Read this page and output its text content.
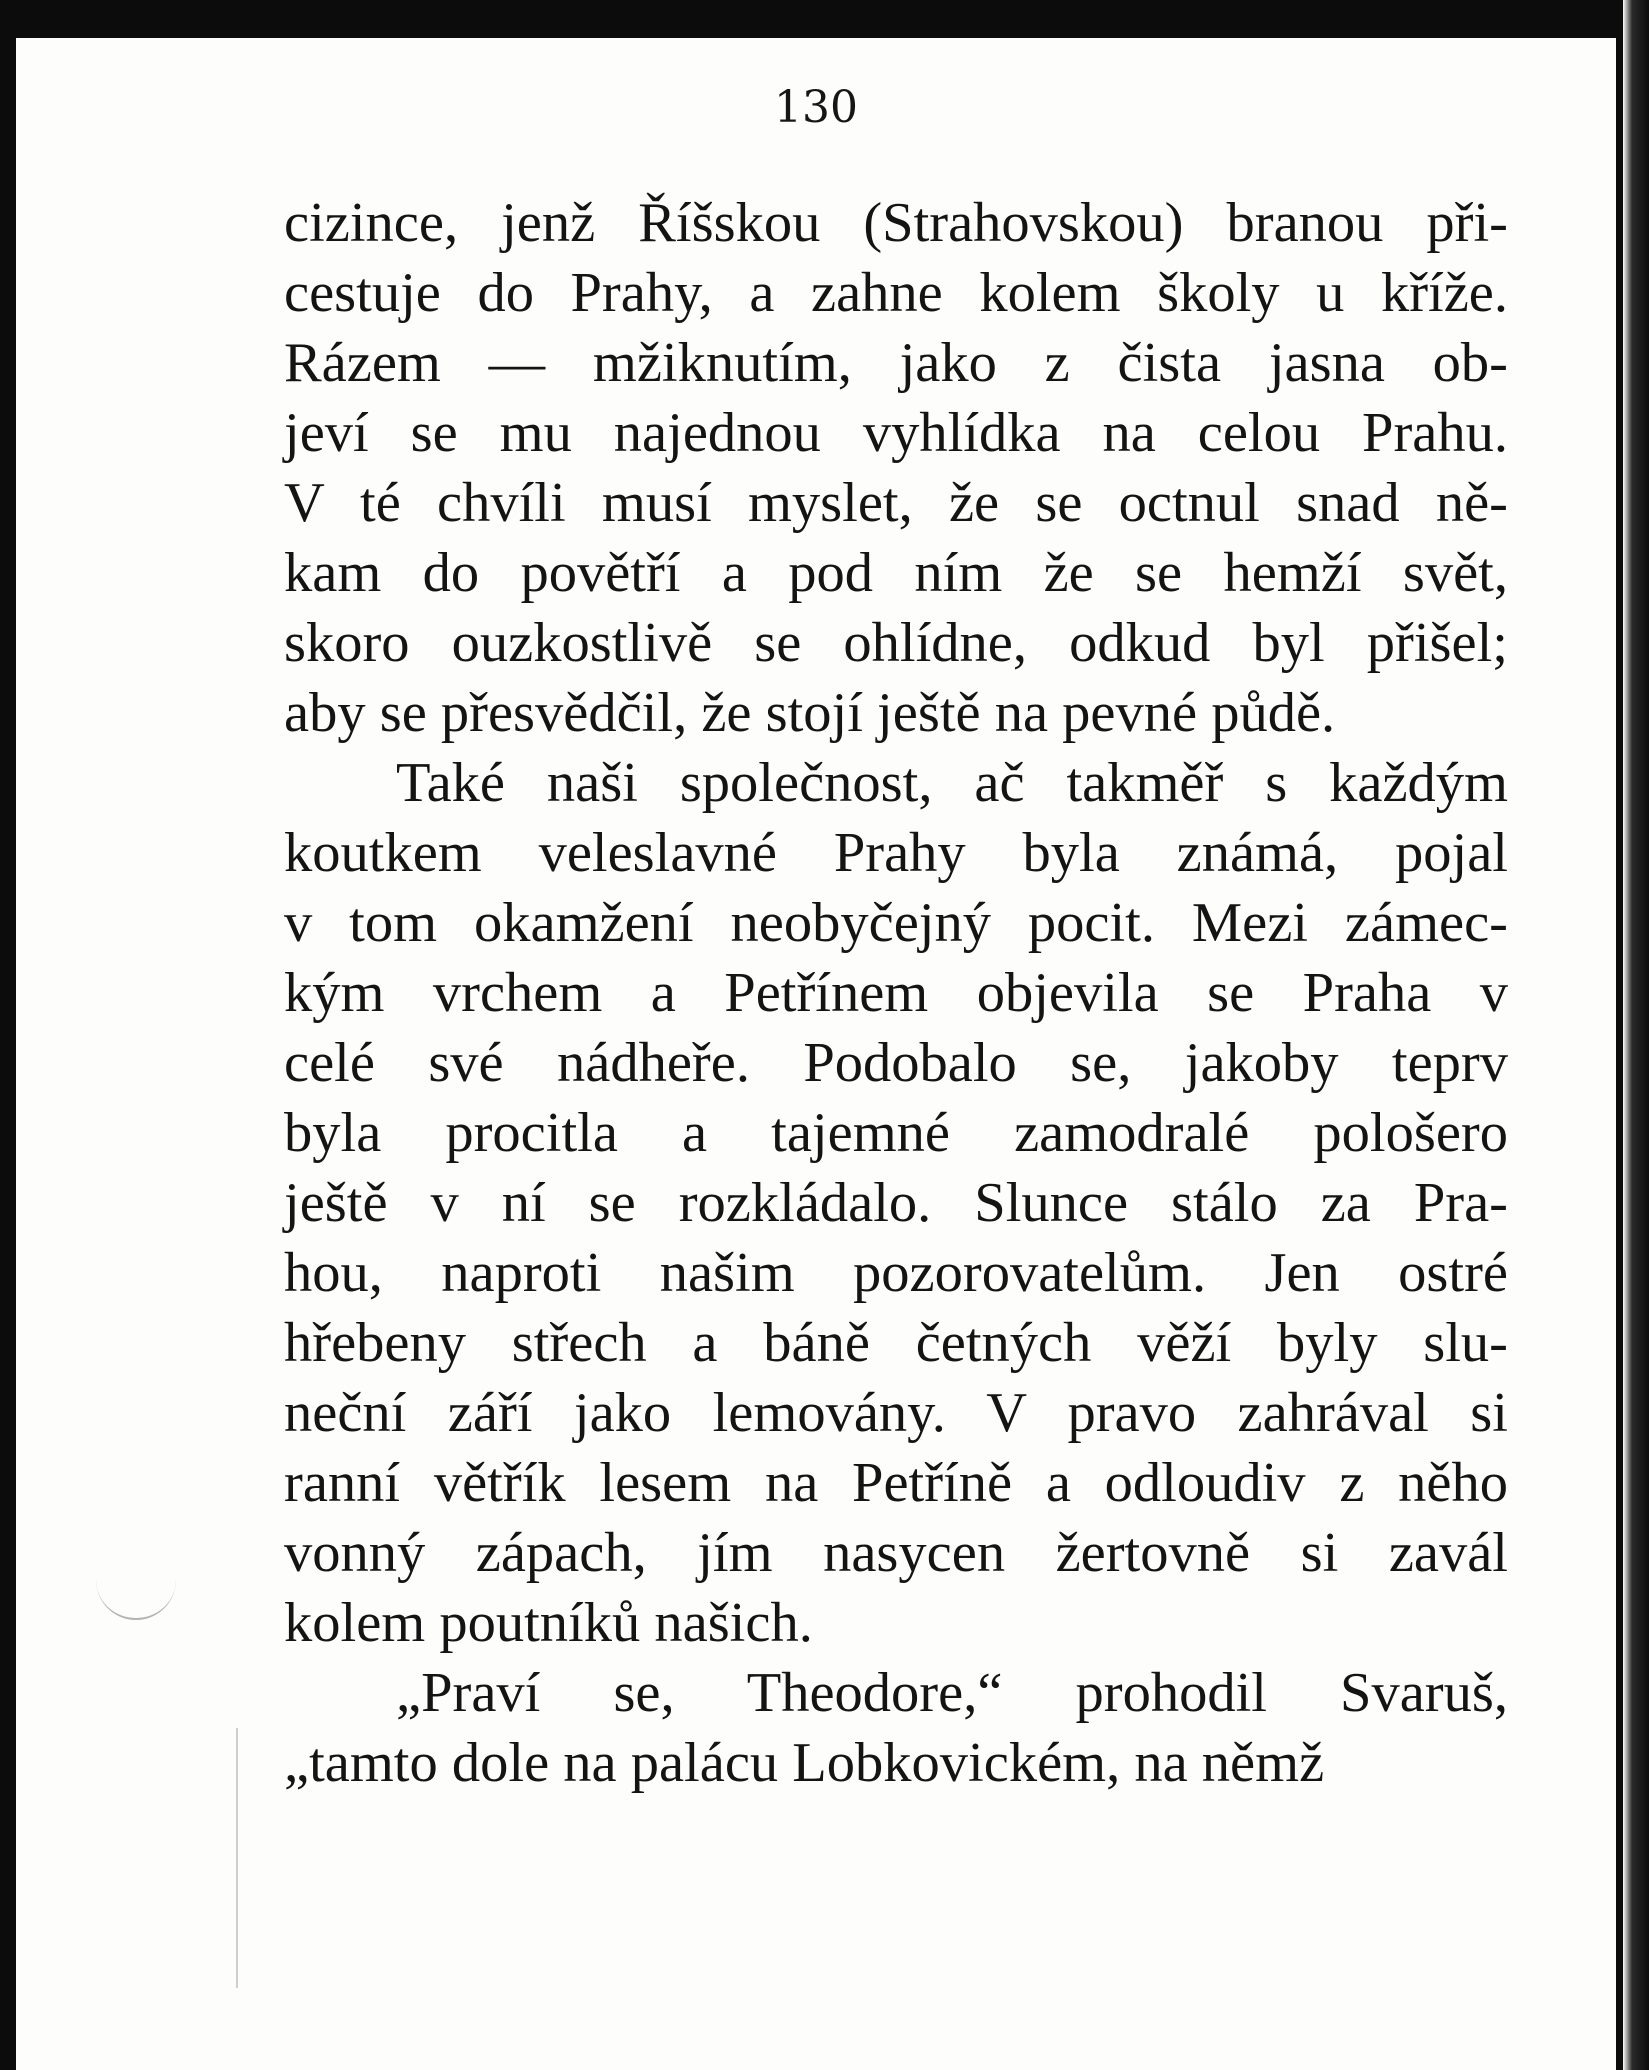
130
cizince, jenž Říšskou (Strahovskou) branou při-
cestuje do Prahy, a zahne kolem školy u kříže.
Rázem — mžiknutím, jako z čista jasna ob-
jeví se mu najednou vyhlídka na celou Prahu.
V té chvíli musí myslet, že se octnul snad ně-
kam do povětří a pod ním že se hemží svět,
skoro ouzkostlivě se ohlídne, odkud byl přišel;
aby se přesvědčil, že stojí ještě na pevné půdě.
Také naši společnost, ač takměř s každým
koutkem veleslavné Prahy byla známá, pojal
v tom okamžení neobyčejný pocit. Mezi zámec-
kým vrchem a Petřínem objevila se Praha v
celé své nádheře. Podobalo se, jakoby teprv
byla procitla a tajemné zamodralé pološero
ještě v ní se rozkládalo. Slunce stálo za Pra-
hou, naproti našim pozorovatelům. Jen ostré
hřebeny střech a báně četných věží byly slu-
neční září jako lemovány. V pravo zahrával si
ranní větřík lesem na Petříně a odloudiv z něho
vonný zápach, jím nasycen žertovně si zavál
kolem poutníků našich.
„Praví se, Theodore,“ prohodil Svaruš,
„tamto dole na palácu Lobkovickém, na němž
